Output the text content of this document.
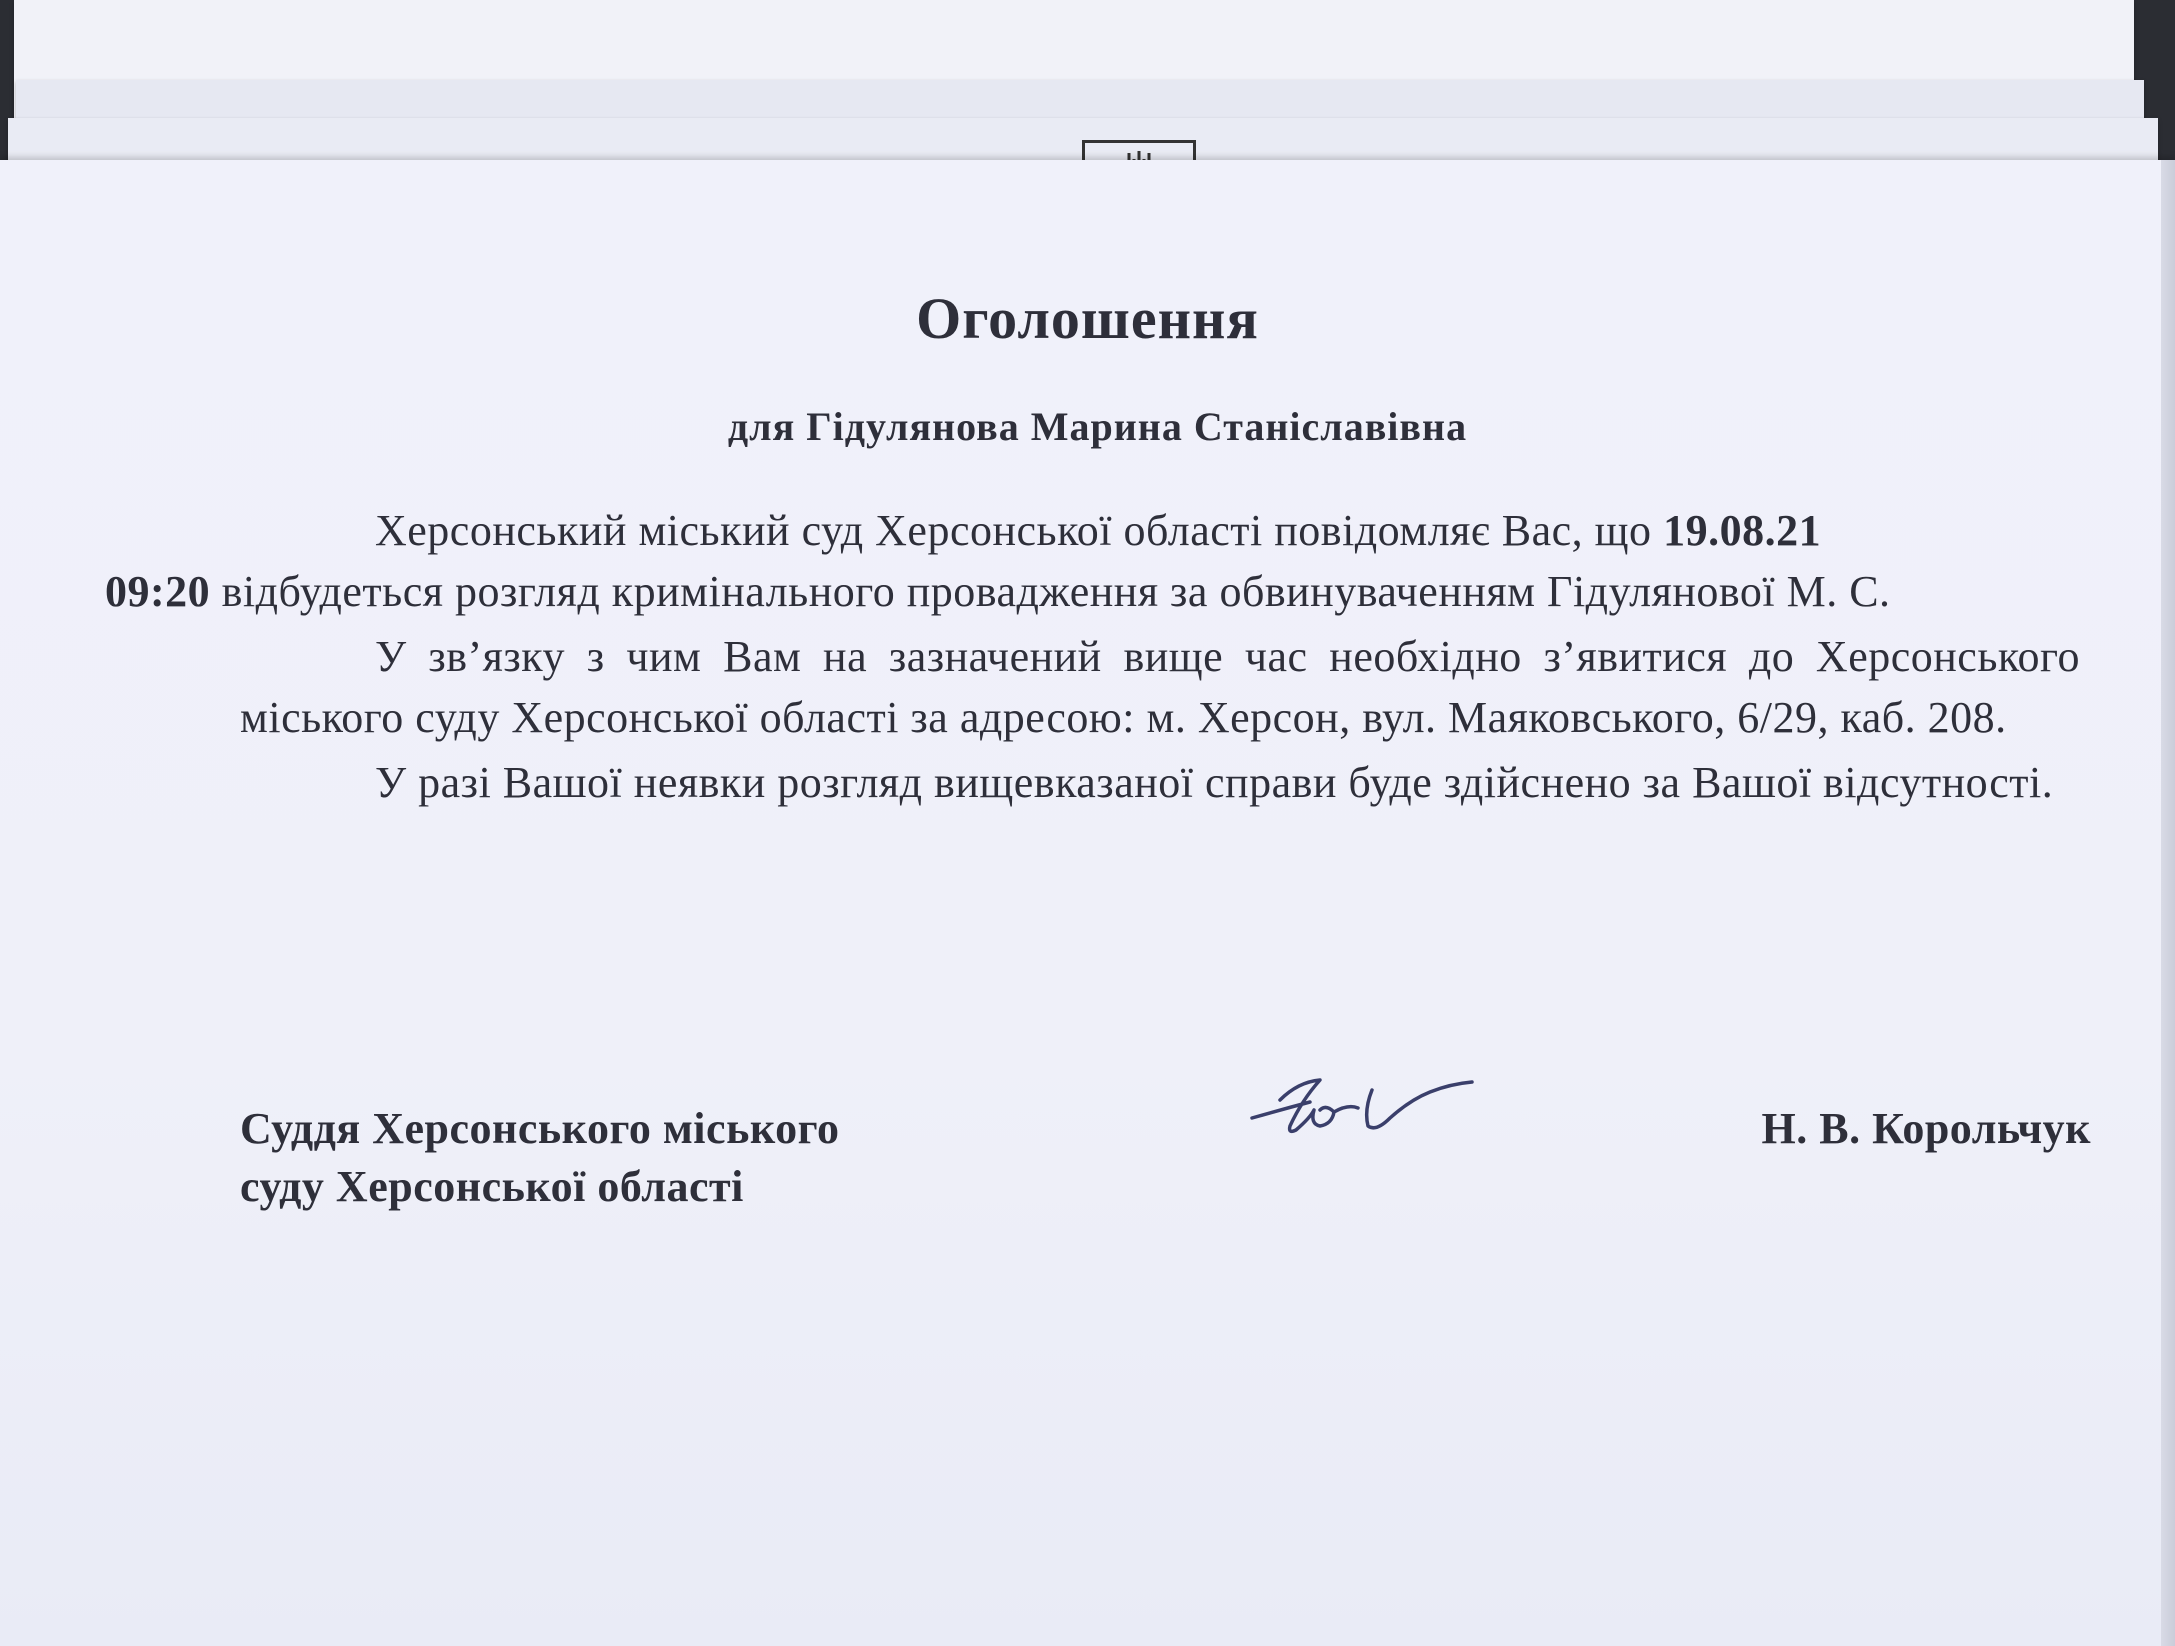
Оголошення
для Гідулянова Марина Станіславівна

Херсонський міський суд Херсонської області повідомляє Вас, що 19.08.21
09:20 відбудеться розгляд кримінального провадження за обвинуваченням Гідулянової М. С.

У зв’язку з чим Вам на зазначений вище час необхідно з’явитися до Херсонського міського суду Херсонської області за адресою: м. Херсон, вул. Маяковського, 6/29, каб. 208.

У разі Вашої неявки розгляд вищевказаної справи буде здійснено за Вашої відсутності.

Суддя Херсонського міського
суду Херсонської області
Н. В. Корольчук
